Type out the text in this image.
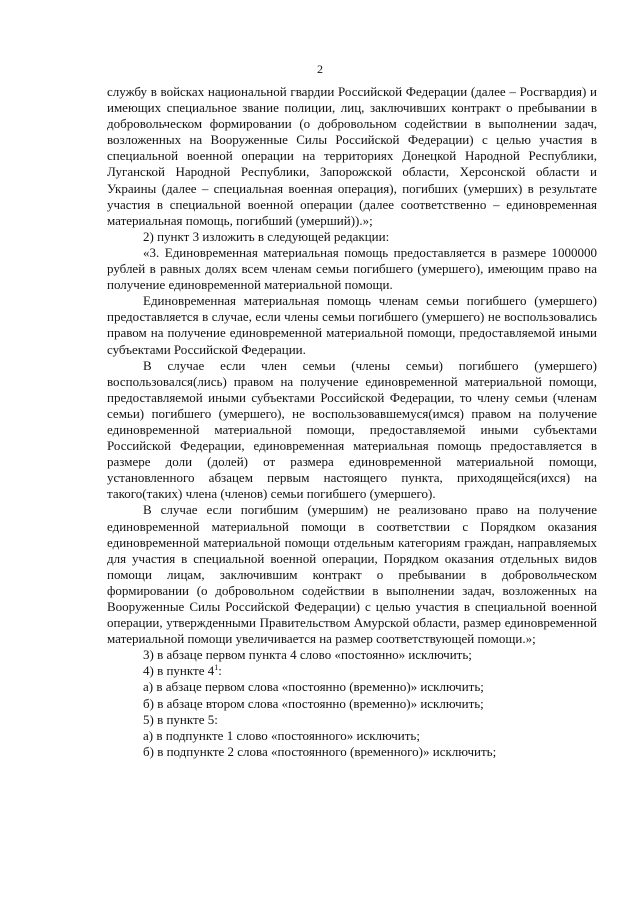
2

службу в войсках национальной гвардии Российской Федерации (далее – Росгвардия) и имеющих специальное звание полиции, лиц, заключивших контракт о пребывании в добровольческом формировании (о добровольном содействии в выполнении задач, возложенных на Вооруженные Силы Российской Федерации) с целью участия в специальной военной операции на территориях Донецкой Народной Республики, Луганской Народной Республики, Запорожской области, Херсонской области и Украины (далее – специальная военная операция), погибших (умерших) в результате участия в специальной военной операции (далее соответственно – единовременная материальная помощь, погибший (умерший)).»;

2) пункт 3 изложить в следующей редакции:

«3. Единовременная материальная помощь предоставляется в размере 1000000 рублей в равных долях всем членам семьи погибшего (умершего), имеющим право на получение единовременной материальной помощи.

Единовременная материальная помощь членам семьи погибшего (умершего) предоставляется в случае, если члены семьи погибшего (умершего) не воспользовались правом на получение единовременной материальной помощи, предоставляемой иными субъектами Российской Федерации.

В случае если член семьи (члены семьи) погибшего (умершего) воспользовался(лись) правом на получение единовременной материальной помощи, предоставляемой иными субъектами Российской Федерации, то члену семьи (членам семьи) погибшего (умершего), не воспользовавшемуся(имся) правом на получение единовременной материальной помощи, предоставляемой иными субъектами Российской Федерации, единовременная материальная помощь предоставляется в размере доли (долей) от размера единовременной материальной помощи, установленного абзацем первым настоящего пункта, приходящейся(ихся) на такого(таких) члена (членов) семьи погибшего (умершего).

В случае если погибшим (умершим) не реализовано право на получение единовременной материальной помощи в соответствии с Порядком оказания единовременной материальной помощи отдельным категориям граждан, направляемых для участия в специальной военной операции, Порядком оказания отдельных видов помощи лицам, заключившим контракт о пребывании в добровольческом формировании (о добровольном содействии в выполнении задач, возложенных на Вооруженные Силы Российской Федерации) с целью участия в специальной военной операции, утвержденными Правительством Амурской области, размер единовременной материальной помощи увеличивается на размер соответствующей помощи.»;

3) в абзаце первом пункта 4 слово «постоянно» исключить;

4) в пункте $4^1$:

а) в абзаце первом слова «постоянно (временно)» исключить;

б) в абзаце втором слова «постоянно (временно)» исключить;

5) в пункте 5:

а) в подпункте 1 слово «постоянного» исключить;

б) в подпункте 2 слова «постоянного (временного)» исключить;
